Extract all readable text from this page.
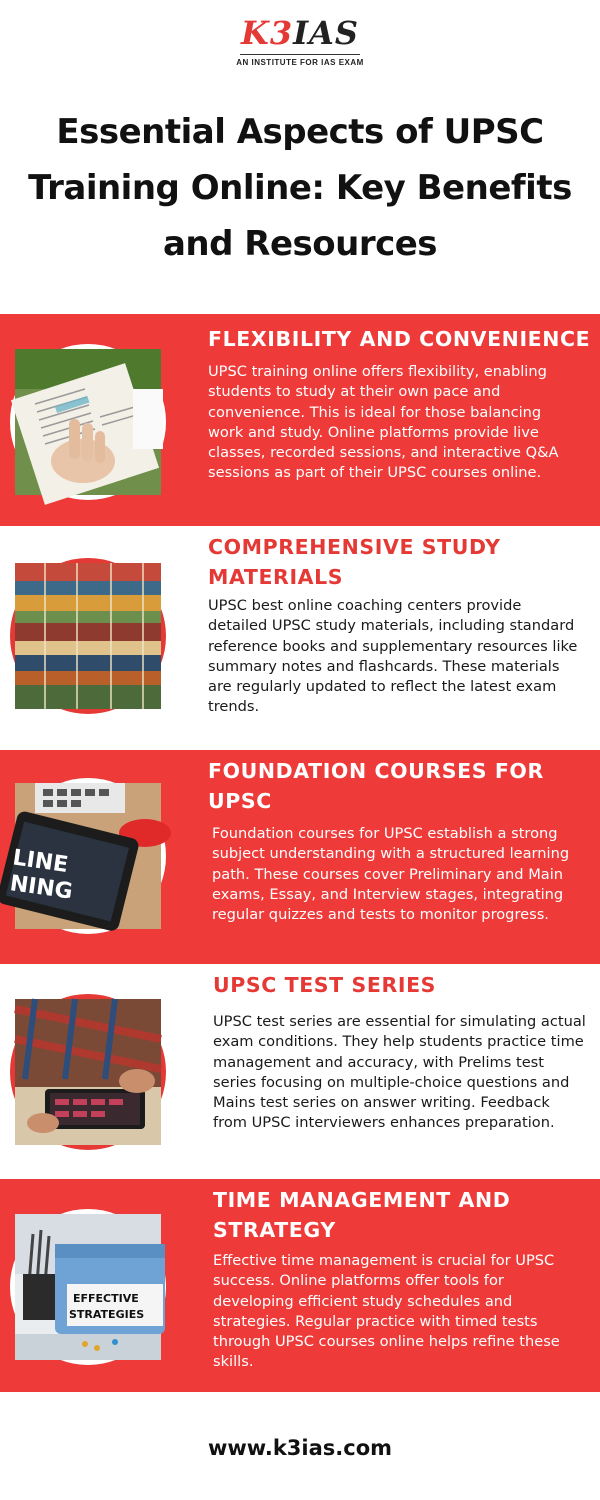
K3IAS
AN INSTITUTE FOR IAS EXAM
Essential Aspects of UPSC Training Online: Key Benefits and Resources
FLEXIBILITY AND CONVENIENCE

UPSC training online offers flexibility, enabling students to study at their own pace and convenience. This is ideal for those balancing work and study. Online platforms provide live classes, recorded sessions, and interactive Q&A sessions as part of their UPSC courses online.

COMPREHENSIVE STUDY MATERIALS

UPSC best online coaching centers provide detailed UPSC study materials, including standard reference books and supplementary resources like summary notes and flashcards. These materials are regularly updated to reflect the latest exam trends.

LINE
NING
FOUNDATION COURSES FOR UPSC

Foundation courses for UPSC establish a strong subject understanding with a structured learning path. These courses cover Preliminary and Main exams, Essay, and Interview stages, integrating regular quizzes and tests to monitor progress.

UPSC TEST SERIES

UPSC test series are essential for simulating actual exam conditions. They help students practice time management and accuracy, with Prelims test series focusing on multiple-choice questions and Mains test series on answer writing. Feedback from UPSC interviewers enhances preparation.

EFFECTIVE
STRATEGIES
TIME MANAGEMENT AND STRATEGY

Effective time management is crucial for UPSC success. Online platforms offer tools for developing efficient study schedules and strategies. Regular practice with timed tests through UPSC courses online helps refine these skills.

www.k3ias.com
